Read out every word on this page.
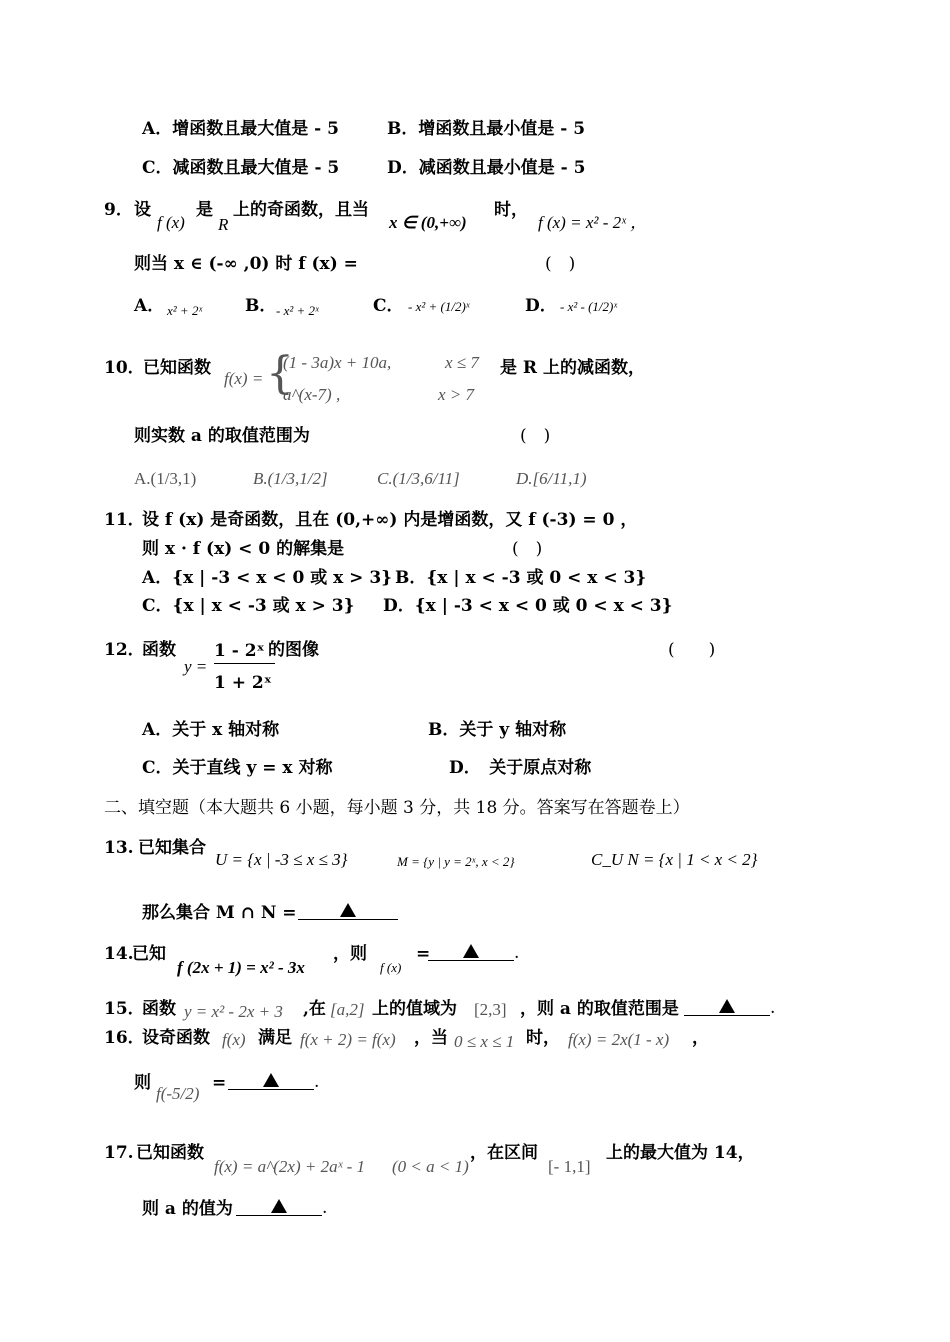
A．增函数且最大值是 - 5	B．增函数且最小值是 - 5
C．减函数且最大值是 - 5	D．减函数且最小值是 - 5
9． 设
f (x)
是
R
上的奇函数，且当
x ∈ (0,+∞)
时，
f (x) = x² - 2ˣ ，
则当 x ∈ (-∞ ,0) 时 f (x) =	(　)
A． x² + 2ˣ	B． - x² + 2ˣ	C． - x² + (1/2)ˣ	D． - x² - (1/2)ˣ
10．
已知函数
f(x) = {
(1 - 3a)x + 10a,	x ≤ 7
a^(x-7) ,	x > 7
是 R 上的减函数，
则实数 a 的取值范围为	(　)
A.(1/3,1)	B.(1/3,1/2]	C.(1/3,6/11]	D.[6/11,1)
11．
设 f (x) 是奇函数，且在 (0,+∞) 内是增函数，又 f (-3) = 0 ，
则 x · f (x) < 0 的解集是	(　)
A．{x | -3 < x < 0 或 x > 3} B．{x | x < -3 或 0 < x < 3}
C．{x | x < -3 或 x > 3} D．{x | -3 < x < 0 或 0 < x < 3}
12．
函数
y =
1 - 2ˣ
1 + 2ˣ
的图像	(　　)
A．关于 x 轴对称	B．关于 y 轴对称
C．关于直线 y = x 对称	D．　关于原点对称
二、填空题（本大题共 6 小题，每小题 3 分，共 18 分。答案写在答题卷上）
13. 已知集合
U = {x | -3 ≤ x ≤ 3}	M = {y | y = 2ˣ, x < 2}	C_U N = {x | 1 < x < 2}
那么集合 M ∩ N =
14.
已知
f (2x + 1) = x² - 3x
，则
f (x)
=	.
15．
函数 y = x² - 2x + 3 ,在 [a,2] 上的值域为 [2,3] ，则 a 的取值范围是	.
16．
设奇函数 f(x) 满足 f(x + 2) = f(x) ，当 0 ≤ x ≤ 1 时， f(x) = 2x(1 - x) ，
则
f(-5/2)
=	.
17. 已知函数
f(x) = a^(2x) + 2aˣ - 1 (0 < a < 1)
，在区间
[- 1,1]
上的最大值为 14，
则 a 的值为	.
